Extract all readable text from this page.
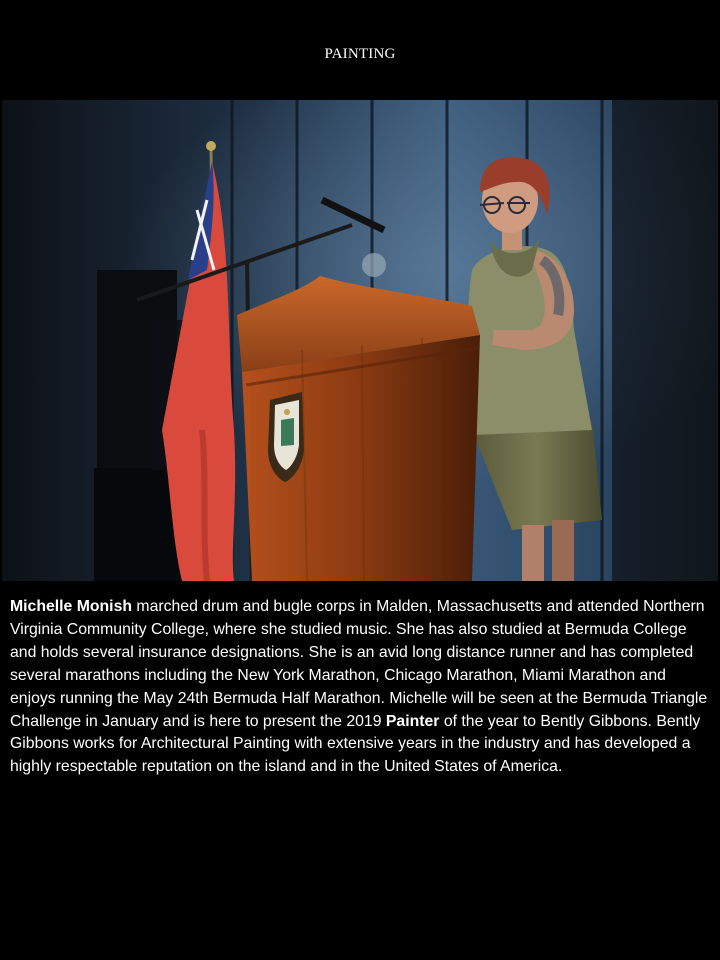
PAINTING
Michelle Monish marched drum and bugle corps in Malden, Massachusetts and attended Northern Virginia Community College, where she studied music. She has also studied at Bermuda College and holds several insurance designations. She is an avid long distance runner and has completed several marathons including the New York Marathon, Chicago Marathon, Miami Marathon and enjoys running the May 24th Bermuda Half Marathon. Michelle will be seen at the Bermuda Triangle Challenge in January and is here to present the 2019 Painter of the year to Bently Gibbons. Bently Gibbons works for Architectural Painting with extensive years in the industry and has developed a highly respectable reputation on the island and in the United States of America.
